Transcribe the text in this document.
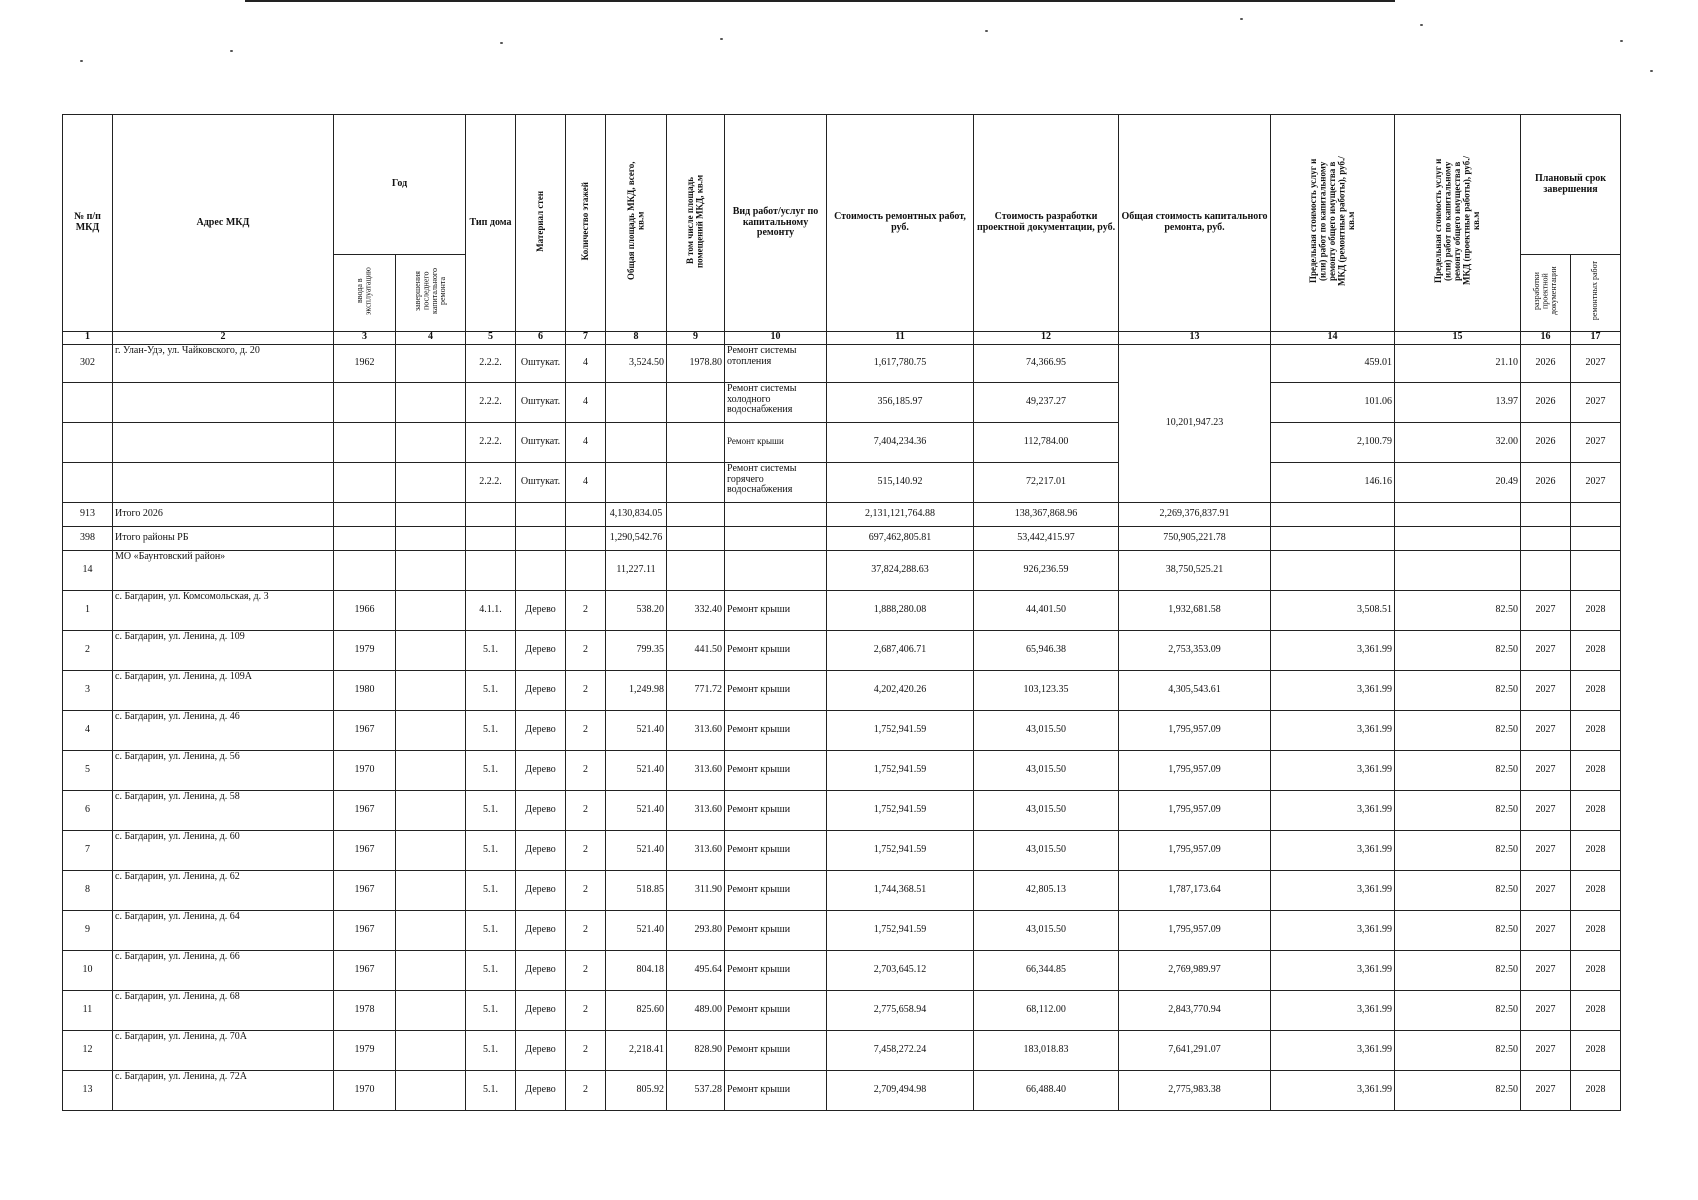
№ п/п МКД	Адрес МКД	Год		Тип дома	Материал стен	Количество этажей	Общая площадь МКД, всего, кв.м	В том числе площадь помещений МКД, кв.м	Вид работ/услуг по капитальному ремонту	Стоимость ремонтных работ, руб.	Стоимость разработки проектной документации, руб.	Общая стоимость капитального ремонта, руб.	Предельная стоимость услуг и (или) работ по капитальному ремонту общего имущества в МКД (ремонтные работы), руб./кв.м	Предельная стоимость услуг и (или) работ по капитальному ремонту общего имущества в МКД (проектные работы), руб./кв.м	Плановый срок завершения	
		ввода в эксплуатацию	завершения последнего капитального ремонта												разработки проектной документации	ремонтных работ
1	2	3	4	5	6	7	8	9	10	11	12	13	14	15	16	17
302	г. Улан-Удэ, ул. Чайковского, д. 20	1962		2.2.2.	Оштукат.	4	3,524.50	1978.80	Ремонт системы отопления	1,617,780.75	74,366.95	10,201,947.23	459.01	21.10	2026	2027
				2.2.2.	Оштукат.	4			Ремонт системы холодного водоснабжения	356,185.97	49,237.27		101.06	13.97	2026	2027
				2.2.2.	Оштукат.	4			Ремонт крыши	7,404,234.36	112,784.00		2,100.79	32.00	2026	2027
				2.2.2.	Оштукат.	4			Ремонт системы горячего водоснабжения	515,140.92	72,217.01		146.16	20.49	2026	2027
913	Итого 2026						4,130,834.05			2,131,121,764.88	138,367,868.96	2,269,376,837.91				
398	Итого районы РБ						1,290,542.76			697,462,805.81	53,442,415.97	750,905,221.78				
14	МО «Баунтовский район»						11,227.11			37,824,288.63	926,236.59	38,750,525.21				
1	с. Багдарин, ул. Комсомольская, д. 3	1966		4.1.1.	Дерево	2	538.20	332.40	Ремонт крыши	1,888,280.08	44,401.50	1,932,681.58	3,508.51	82.50	2027	2028
2	с. Багдарин, ул. Ленина, д. 109	1979		5.1.	Дерево	2	799.35	441.50	Ремонт крыши	2,687,406.71	65,946.38	2,753,353.09	3,361.99	82.50	2027	2028
3	с. Багдарин, ул. Ленина, д. 109А	1980		5.1.	Дерево	2	1,249.98	771.72	Ремонт крыши	4,202,420.26	103,123.35	4,305,543.61	3,361.99	82.50	2027	2028
4	с. Багдарин, ул. Ленина, д. 46	1967		5.1.	Дерево	2	521.40	313.60	Ремонт крыши	1,752,941.59	43,015.50	1,795,957.09	3,361.99	82.50	2027	2028
5	с. Багдарин, ул. Ленина, д. 56	1970		5.1.	Дерево	2	521.40	313.60	Ремонт крыши	1,752,941.59	43,015.50	1,795,957.09	3,361.99	82.50	2027	2028
6	с. Багдарин, ул. Ленина, д. 58	1967		5.1.	Дерево	2	521.40	313.60	Ремонт крыши	1,752,941.59	43,015.50	1,795,957.09	3,361.99	82.50	2027	2028
7	с. Багдарин, ул. Ленина, д. 60	1967		5.1.	Дерево	2	521.40	313.60	Ремонт крыши	1,752,941.59	43,015.50	1,795,957.09	3,361.99	82.50	2027	2028
8	с. Багдарин, ул. Ленина, д. 62	1967		5.1.	Дерево	2	518.85	311.90	Ремонт крыши	1,744,368.51	42,805.13	1,787,173.64	3,361.99	82.50	2027	2028
9	с. Багдарин, ул. Ленина, д. 64	1967		5.1.	Дерево	2	521.40	293.80	Ремонт крыши	1,752,941.59	43,015.50	1,795,957.09	3,361.99	82.50	2027	2028
10	с. Багдарин, ул. Ленина, д. 66	1967		5.1.	Дерево	2	804.18	495.64	Ремонт крыши	2,703,645.12	66,344.85	2,769,989.97	3,361.99	82.50	2027	2028
11	с. Багдарин, ул. Ленина, д. 68	1978		5.1.	Дерево	2	825.60	489.00	Ремонт крыши	2,775,658.94	68,112.00	2,843,770.94	3,361.99	82.50	2027	2028
12	с. Багдарин, ул. Ленина, д. 70А	1979		5.1.	Дерево	2	2,218.41	828.90	Ремонт крыши	7,458,272.24	183,018.83	7,641,291.07	3,361.99	82.50	2027	2028
13	с. Багдарин, ул. Ленина, д. 72А	1970		5.1.	Дерево	2	805.92	537.28	Ремонт крыши	2,709,494.98	66,488.40	2,775,983.38	3,361.99	82.50	2027	2028
